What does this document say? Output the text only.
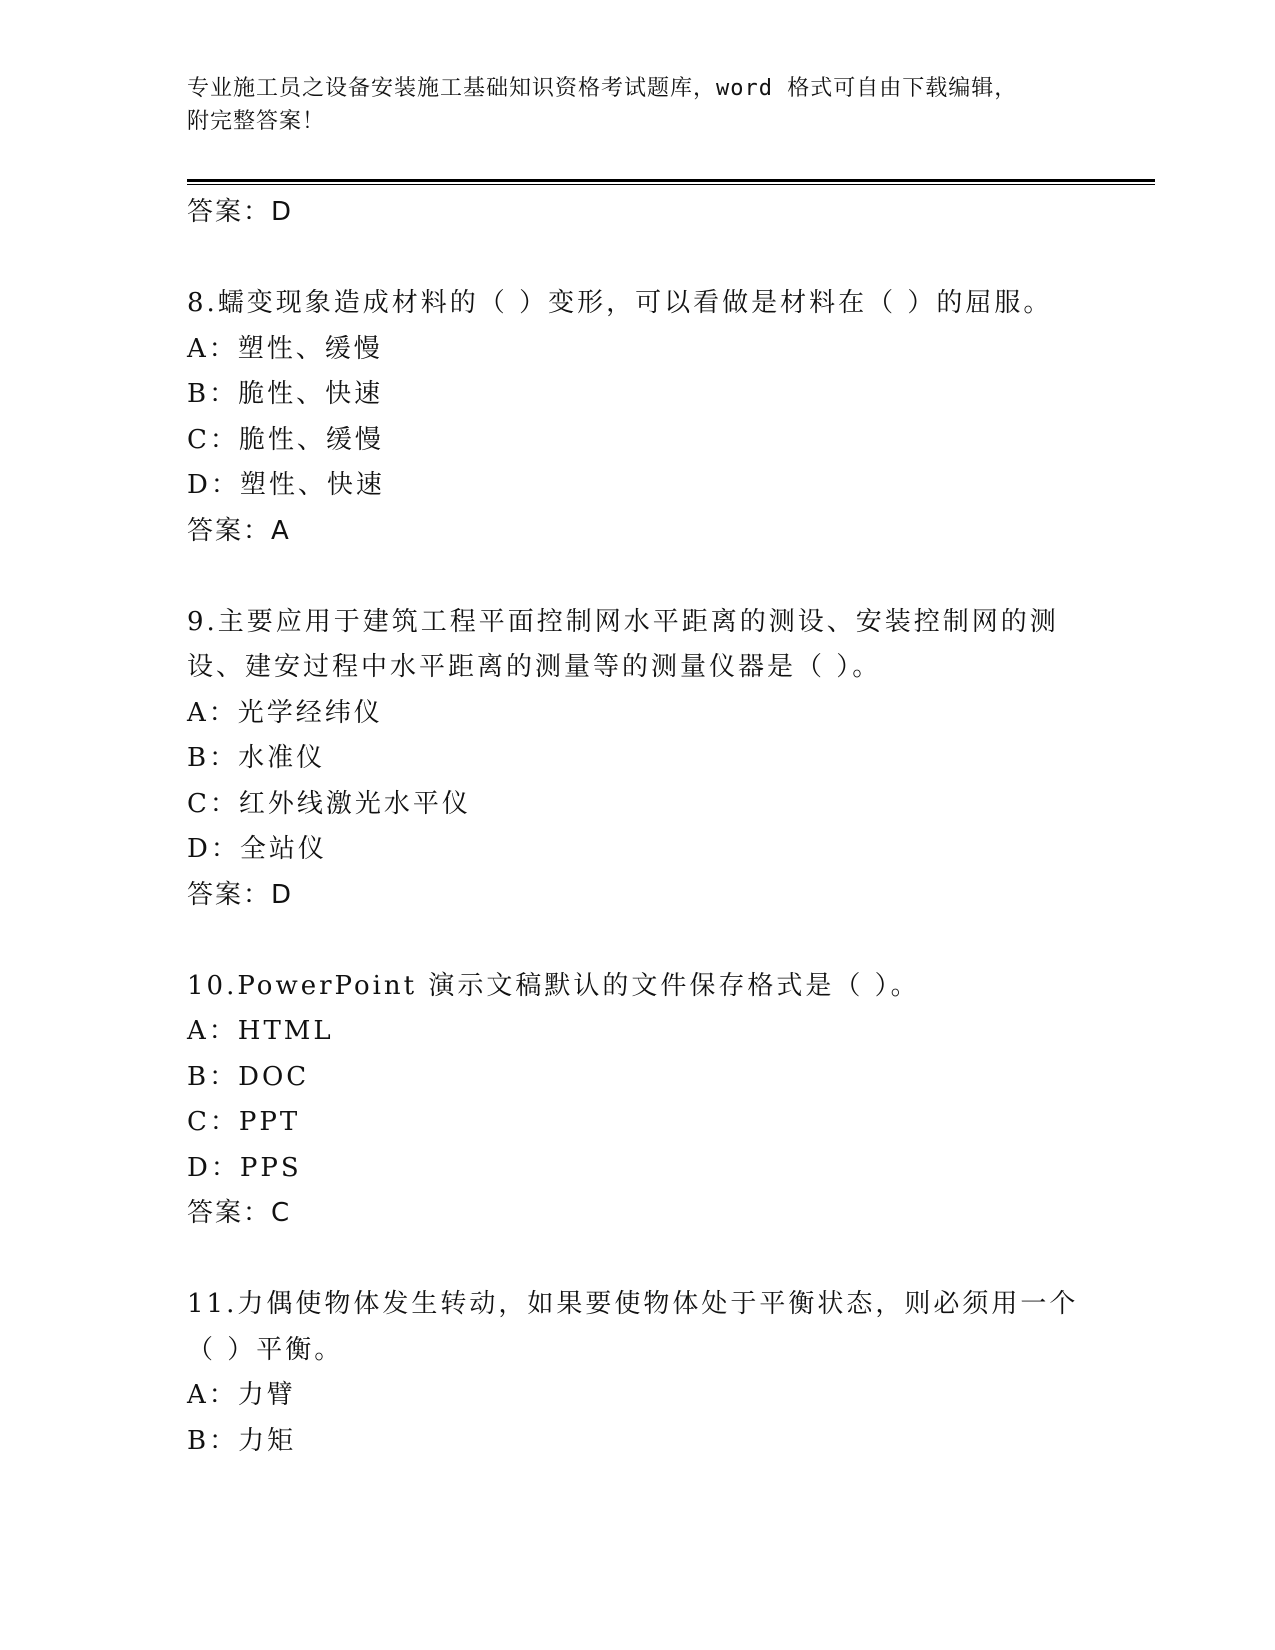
专业施工员之设备安装施工基础知识资格考试题库，word 格式可自由下载编辑，
附完整答案！
答案：D
8.蠕变现象造成材料的（ ）变形，可以看做是材料在（ ）的屈服。
A：塑性、缓慢
B：脆性、快速
C：脆性、缓慢
D：塑性、快速
答案：A
9.主要应用于建筑工程平面控制网水平距离的测设、安装控制网的测
设、建安过程中水平距离的测量等的测量仪器是（ ）。
A：光学经纬仪
B：水准仪
C：红外线激光水平仪
D：全站仪
答案：D
10.PowerPoint 演示文稿默认的文件保存格式是（ ）。
A：HTML
B：DOC
C：PPT
D：PPS
答案：C
11.力偶使物体发生转动，如果要使物体处于平衡状态，则必须用一个
（ ）平衡。
A：力臂
B：力矩
